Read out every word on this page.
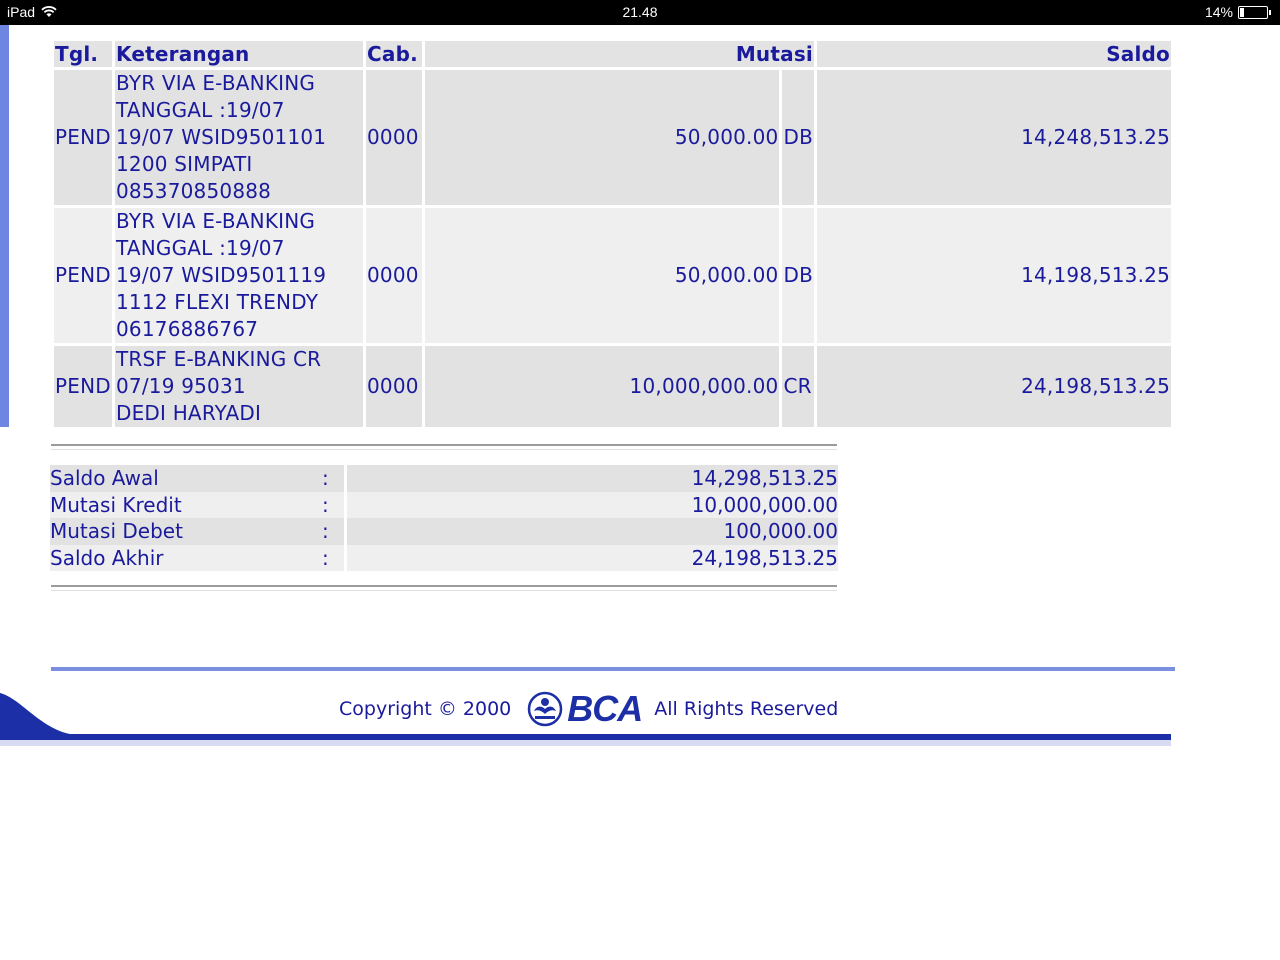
iPad	21.48	14%
Tgl.	Keterangan	Cab.	Mutasi		Saldo
PEND	BYR VIA E-BANKING
TANGGAL :19/07
19/07 WSID9501101
1200 SIMPATI
085370850888	0000	50,000.00	DB	14,248,513.25
PEND	BYR VIA E-BANKING
TANGGAL :19/07
19/07 WSID9501119
1112 FLEXI TRENDY
06176886767	0000	50,000.00	DB	14,198,513.25
PEND	TRSF E-BANKING CR
07/19 95031
DEDI HARYADI	0000	10,000,000.00	CR	24,198,513.25
Saldo Awal	:		14,298,513.25
Mutasi Kredit	:		10,000,000.00
Mutasi Debet	:		100,000.00
Saldo Akhir	:		24,198,513.25
Copyright © 2000 BCA All Rights Reserved
